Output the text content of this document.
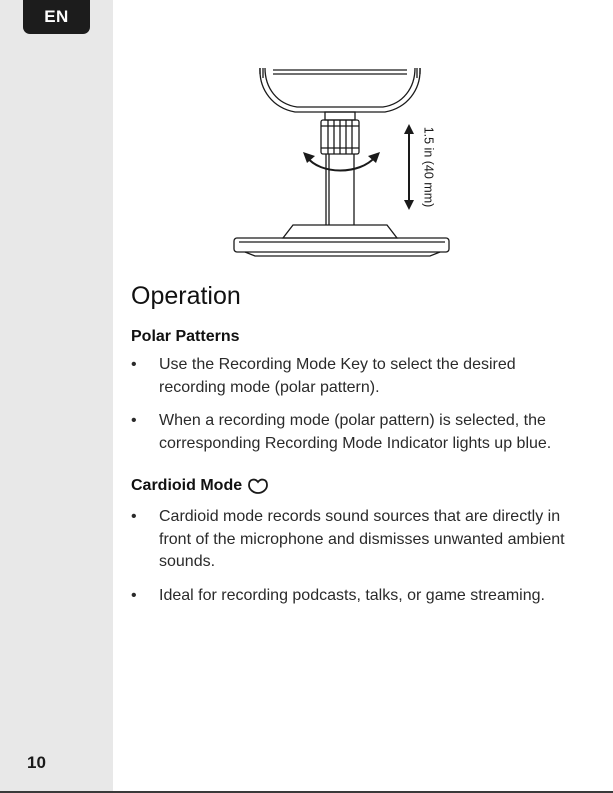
EN
10
1.5 in (40 mm)
Operation
Polar Patterns
• Use the Recording Mode Key to select the desired recording mode (polar pattern).
• When a recording mode (polar pattern) is selected, the corresponding Recording Mode Indicator lights up blue.
Cardioid Mode
• Cardioid mode records sound sources that are directly in front of the microphone and dismisses unwanted ambient sounds.
• Ideal for recording podcasts, talks, or game streaming.
